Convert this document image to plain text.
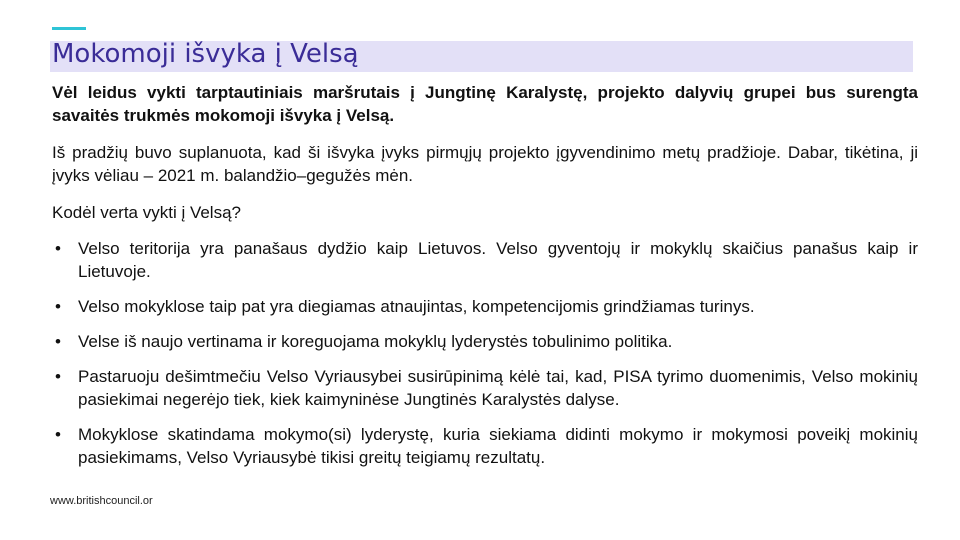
Mokomoji išvyka į Velsą

Vėl leidus vykti tarptautiniais maršrutais į Jungtinę Karalystę, projekto dalyvių grupei bus surengta savaitės trukmės mokomoji išvyka į Velsą.

Iš pradžių buvo suplanuota, kad ši išvyka įvyks pirmųjų projekto įgyvendinimo metų pradžioje. Dabar, tikėtina, ji įvyks vėliau – 2021 m. balandžio–gegužės mėn.

Kodėl verta vykti į Velsą?

• Velso teritorija yra panašaus dydžio kaip Lietuvos. Velso gyventojų ir mokyklų skaičius panašus kaip ir Lietuvoje.
• Velso mokyklose taip pat yra diegiamas atnaujintas, kompetencijomis grindžiamas turinys.
• Velse iš naujo vertinama ir koreguojama mokyklų lyderystės tobulinimo politika.
• Pastaruoju dešimtmečiu Velso Vyriausybei susirūpinimą kėlė tai, kad, PISA tyrimo duomenimis, Velso mokinių pasiekimai negerėjo tiek, kiek kaimyninėse Jungtinės Karalystės dalyse.
• Mokyklose skatindama mokymo(si) lyderystę, kuria siekiama didinti mokymo ir mokymosi poveikį mokinių pasiekimams, Velso Vyriausybė tikisi greitų teigiamų rezultatų.
www.britishcouncil.or
